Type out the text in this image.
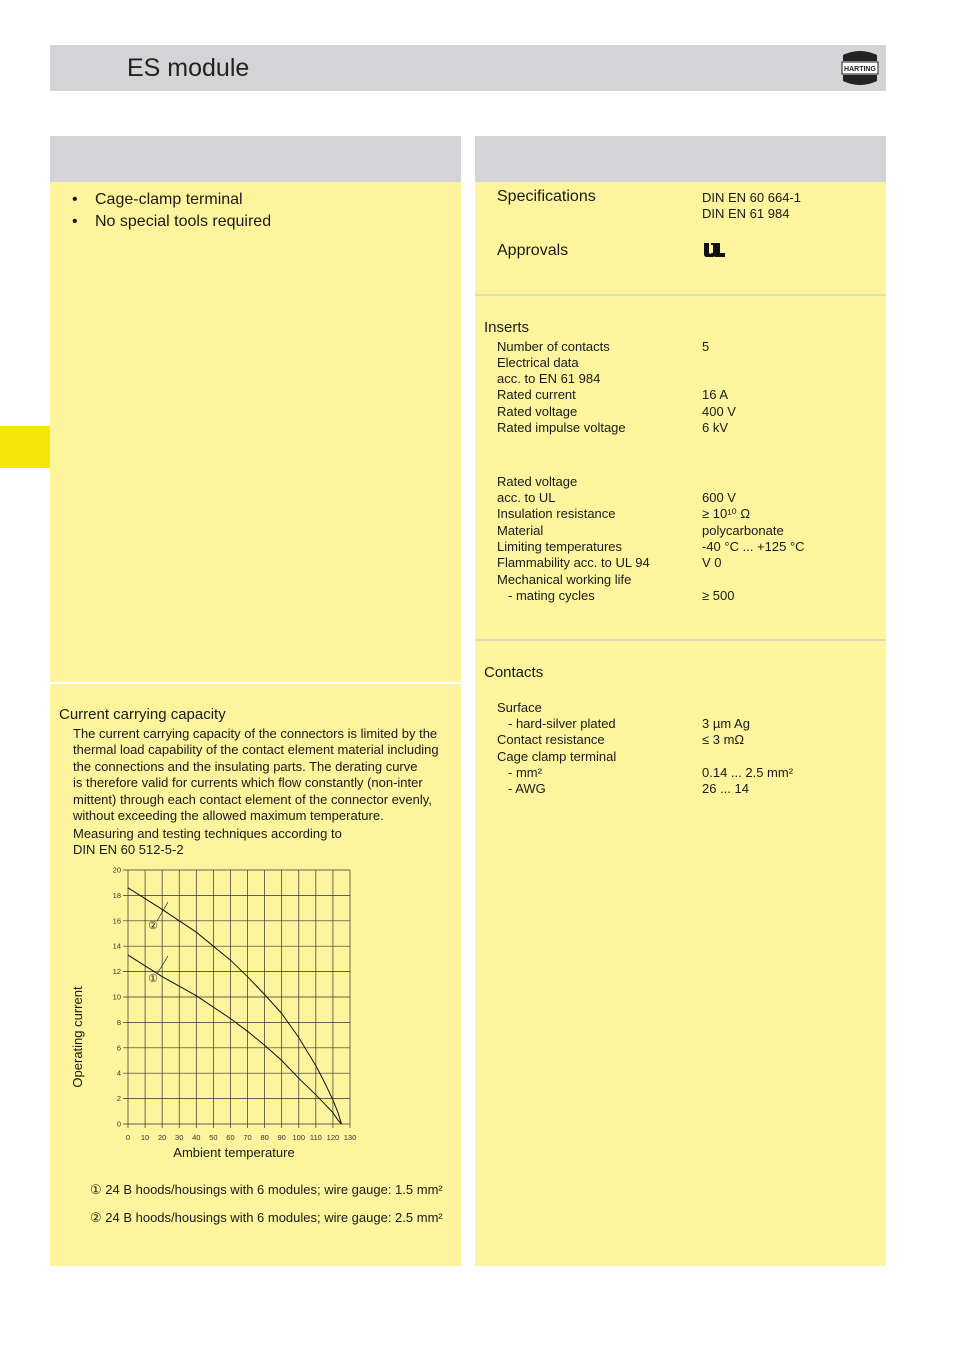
ES module	HARTING
• Cage-clamp terminal
• No special tools required
Current carrying capacity
The current carrying capacity of the connectors is limited by the
thermal load capability of the contact element material including
the connections and the insulating parts. The derating curve
is therefore valid for currents which flow constantly (non-inter
mittent) through each contact element of the connector evenly,
without exceeding the allowed maximum temperature.
Measuring and testing techniques according to
DIN EN 60 512-5-2
0 10 20 30 40 50 60 70 80 90 100 110 120 130
0
2
4
6
8
10
12
14
16
18
20
②
①
Ambient temperature
Operating current
① 24 B hoods/housings with 6 modules; wire gauge: 1.5 mm²
② 24 B hoods/housings with 6 modules; wire gauge: 2.5 mm²
Specifications	DIN EN 60 664-1
DIN EN 61 984
Approvals
Inserts
Number of contacts	5
Electrical data
acc. to EN 61 984
Rated current	16 A
Rated voltage	400 V
Rated impulse voltage	6 kV
Rated voltage
acc. to UL	600 V
Insulation resistance	≥ 10¹⁰ Ω
Material	polycarbonate
Limiting temperatures	-40 °C ... +125 °C
Flammability acc. to UL 94	V 0
Mechanical working life
- mating cycles	≥ 500
Contacts
Surface
- hard-silver plated	3 µm Ag
Contact resistance	≤ 3 mΩ
Cage clamp terminal
- mm²	0.14 ... 2.5 mm²
- AWG	26 ... 14
